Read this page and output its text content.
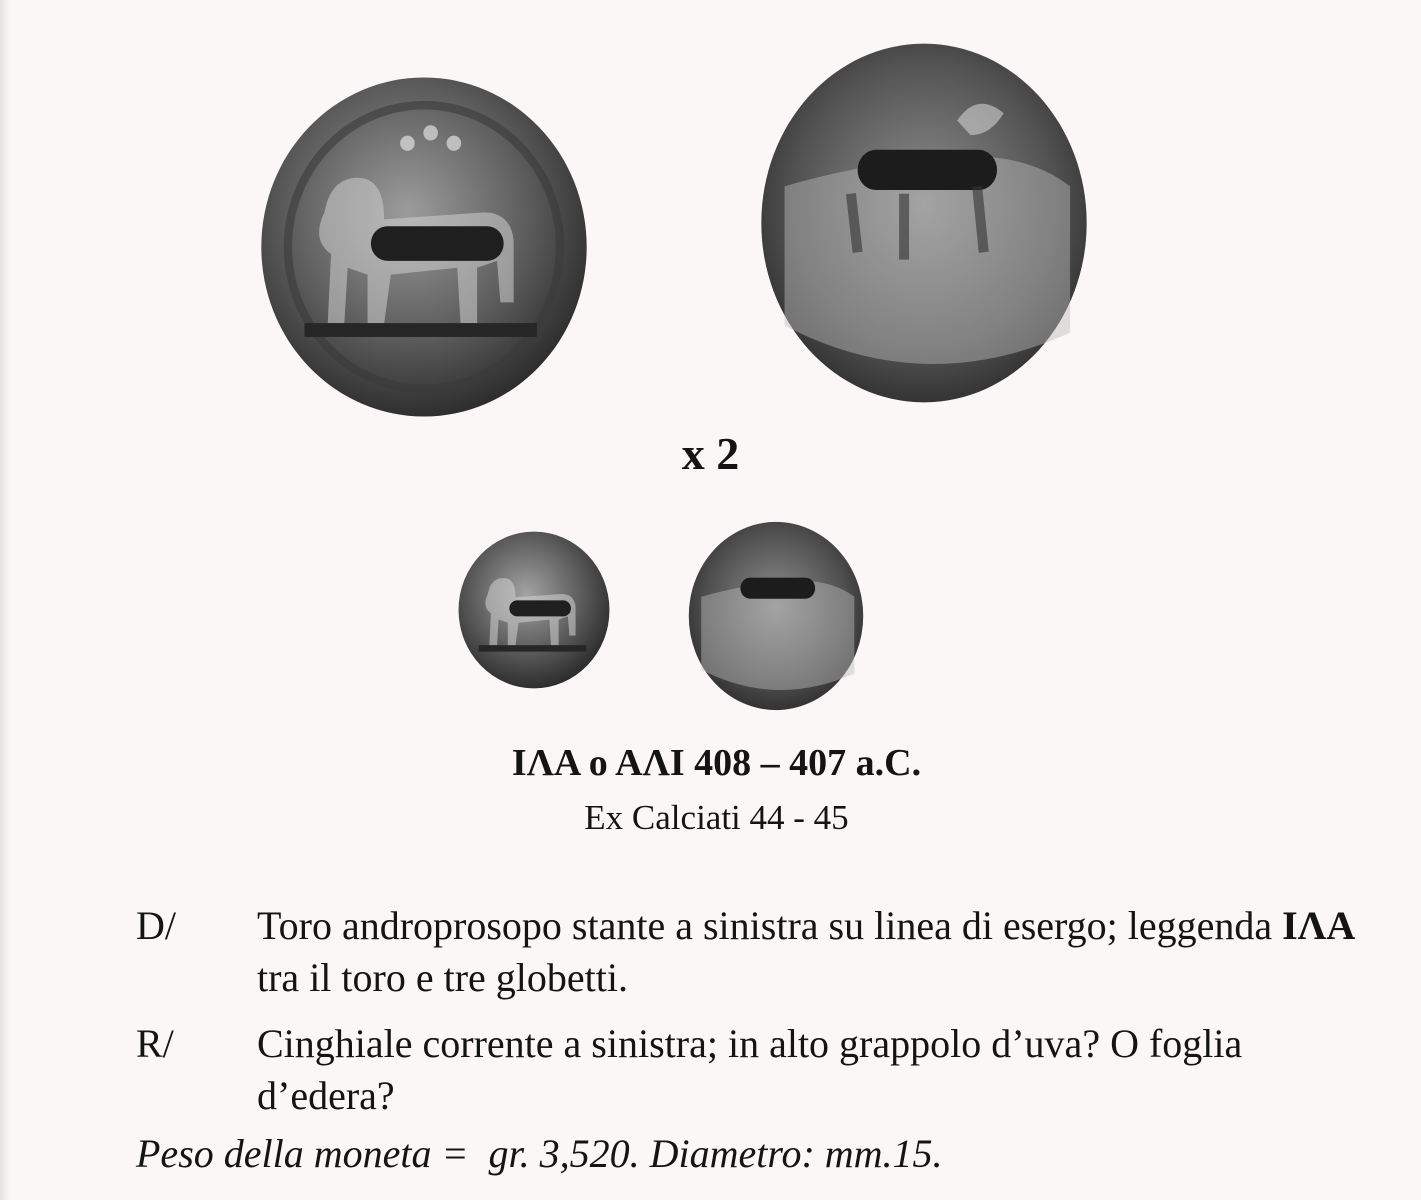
x 2
IΛA o AΛI 408 – 407 a.C.
Ex Calciati 44 - 45
D/	Toro androprosopo stante a sinistra su linea di esergo; leggenda IΛA tra il toro e tre globetti.
R/	Cinghiale corrente a sinistra; in alto grappolo d’uva? O foglia d’edera?
Peso della moneta =  gr. 3,520. Diametro: mm.15.
